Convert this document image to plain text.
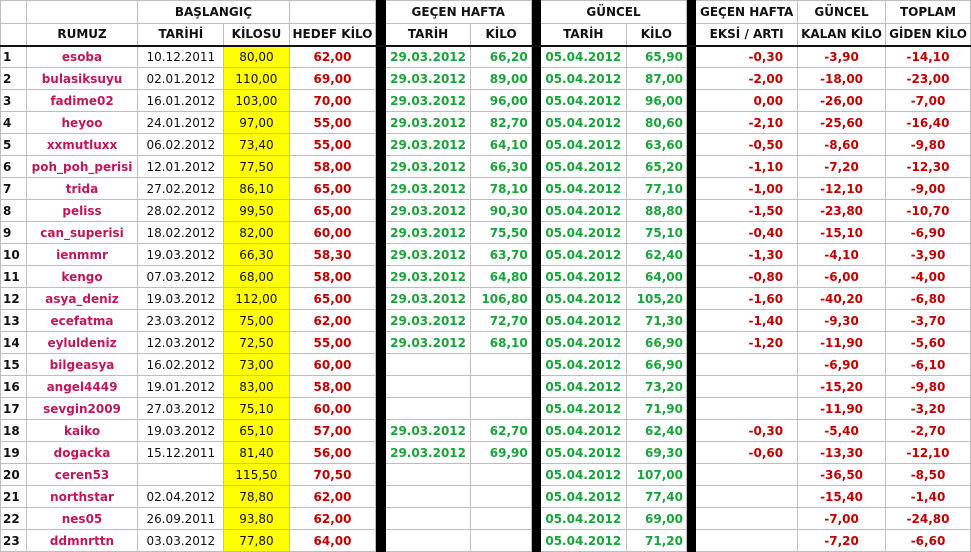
		BAŞLANGIÇ				GEÇEN HAFTA			GÜNCEL			GEÇEN HAFTA	GÜNCEL	TOPLAM
	RUMUZ	TARİHİ	KİLOSU	HEDEF KİLO		TARİH	KİLO		TARİH	KİLO		EKSİ / ARTI	KALAN KİLO	GİDEN KİLO
1	esoba	10.12.2011	80,00	62,00		29.03.2012	66,20		05.04.2012	65,90		-0,30	-3,90	-14,10
2	bulasiksuyu	02.01.2012	110,00	69,00		29.03.2012	89,00		05.04.2012	87,00		-2,00	-18,00	-23,00
3	fadime02	16.01.2012	103,00	70,00		29.03.2012	96,00		05.04.2012	96,00		0,00	-26,00	-7,00
4	heyoo	24.01.2012	97,00	55,00		29.03.2012	82,70		05.04.2012	80,60		-2,10	-25,60	-16,40
5	xxmutluxx	06.02.2012	73,40	55,00		29.03.2012	64,10		05.04.2012	63,60		-0,50	-8,60	-9,80
6	poh_poh_perisi	12.01.2012	77,50	58,00		29.03.2012	66,30		05.04.2012	65,20		-1,10	-7,20	-12,30
7	trida	27.02.2012	86,10	65,00		29.03.2012	78,10		05.04.2012	77,10		-1,00	-12,10	-9,00
8	peliss	28.02.2012	99,50	65,00		29.03.2012	90,30		05.04.2012	88,80		-1,50	-23,80	-10,70
9	can_superisi	18.02.2012	82,00	60,00		29.03.2012	75,50		05.04.2012	75,10		-0,40	-15,10	-6,90
10	ienmmr	19.03.2012	66,30	58,30		29.03.2012	63,70		05.04.2012	62,40		-1,30	-4,10	-3,90
11	kengo	07.03.2012	68,00	58,00		29.03.2012	64,80		05.04.2012	64,00		-0,80	-6,00	-4,00
12	asya_deniz	19.03.2012	112,00	65,00		29.03.2012	106,80		05.04.2012	105,20		-1,60	-40,20	-6,80
13	ecefatma	23.03.2012	75,00	62,00		29.03.2012	72,70		05.04.2012	71,30		-1,40	-9,30	-3,70
14	eyluldeniz	12.03.2012	72,50	55,00		29.03.2012	68,10		05.04.2012	66,90		-1,20	-11,90	-5,60
15	bilgeasya	16.02.2012	73,00	60,00					05.04.2012	66,90			-6,90	-6,10
16	angel4449	19.01.2012	83,00	58,00					05.04.2012	73,20			-15,20	-9,80
17	sevgin2009	27.03.2012	75,10	60,00					05.04.2012	71,90			-11,90	-3,20
18	kaiko	19.03.2012	65,10	57,00		29.03.2012	62,70		05.04.2012	62,40		-0,30	-5,40	-2,70
19	dogacka	15.12.2011	81,40	56,00		29.03.2012	69,90		05.04.2012	69,30		-0,60	-13,30	-12,10
20	ceren53		115,50	70,50					05.04.2012	107,00			-36,50	-8,50
21	northstar	02.04.2012	78,80	62,00					05.04.2012	77,40			-15,40	-1,40
22	nes05	26.09.2011	93,80	62,00					05.04.2012	69,00			-7,00	-24,80
23	ddmnrttn	03.03.2012	77,80	64,00					05.04.2012	71,20			-7,20	-6,60
